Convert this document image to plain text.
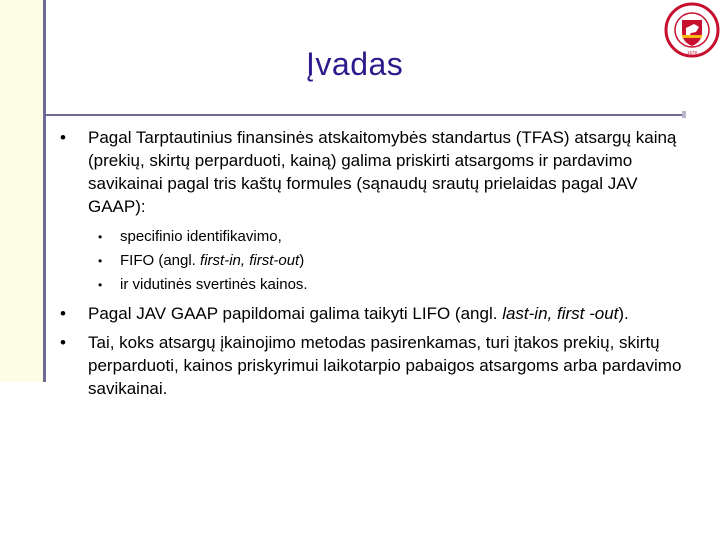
Įvadas	1579
•	Pagal Tarptautinius finansinės atskaitomybės standartus (TFAS) atsargų kainą (prekių, skirtų perparduoti, kainą) galima priskirti atsargoms ir pardavimo savikainai pagal tris kaštų formules (sąnaudų srautų prielaidas pagal JAV GAAP):
• specifinio identifikavimo,
• FIFO (angl. first-in, first-out)
• ir vidutinės svertinės kainos.
•	Pagal JAV GAAP papildomai galima taikyti LIFO (angl. last-in, first -out).
•	Tai, koks atsargų įkainojimo metodas pasirenkamas, turi įtakos prekių, skirtų perparduoti, kainos priskyrimui laikotarpio pabaigos atsargoms arba pardavimo savikainai.
